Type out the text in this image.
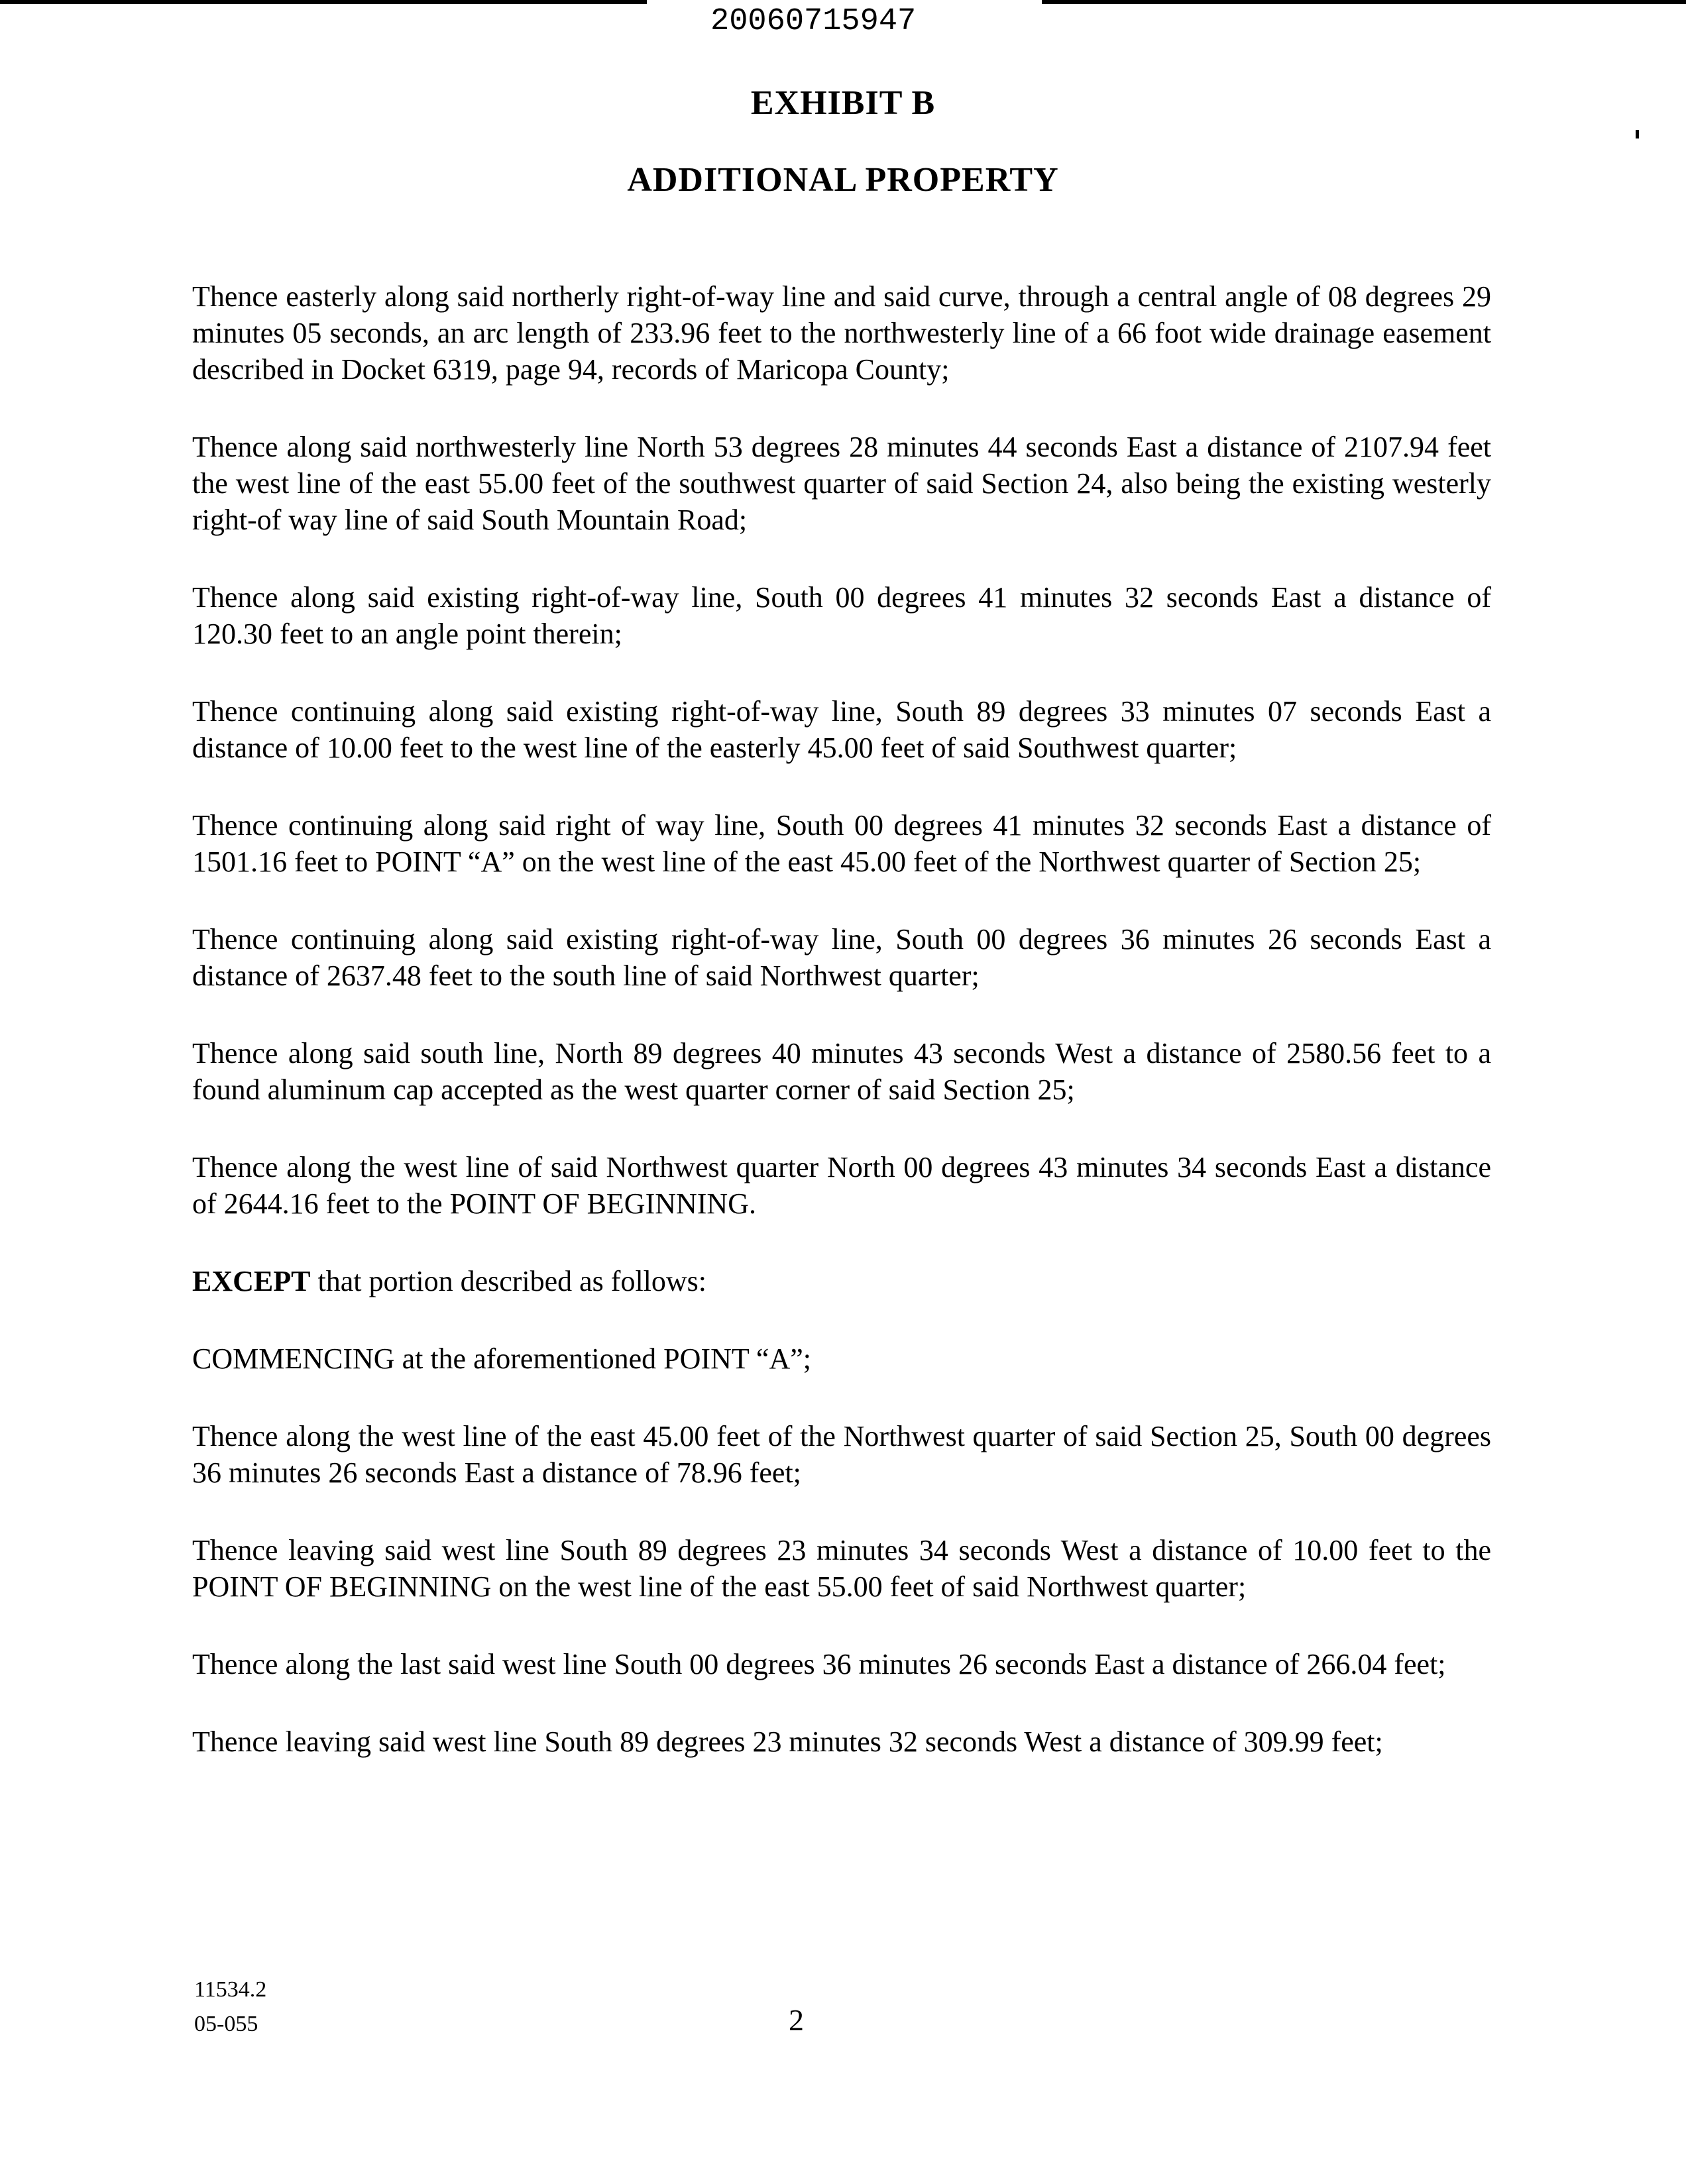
20060715947
EXHIBIT B
ADDITIONAL PROPERTY

Thence easterly along said northerly right-of-way line and said curve, through a central angle of 08 degrees 29 minutes 05 seconds, an arc length of 233.96 feet to the northwesterly line of a 66 foot wide drainage easement described in Docket 6319, page 94, records of Maricopa County;

Thence along said northwesterly line North 53 degrees 28 minutes 44 seconds East a distance of 2107.94 feet the west line of the east 55.00 feet of the southwest quarter of said Section 24, also being the existing westerly right-of way line of said South Mountain Road;

Thence along said existing right-of-way line, South 00 degrees 41 minutes 32 seconds East a distance of 120.30 feet to an angle point therein;

Thence continuing along said existing right-of-way line, South 89 degrees 33 minutes 07 seconds East a distance of 10.00 feet to the west line of the easterly 45.00 feet of said Southwest quarter;

Thence continuing along said right of way line, South 00 degrees 41 minutes 32 seconds East a distance of 1501.16 feet to POINT “A” on the west line of the east 45.00 feet of the Northwest quarter of Section 25;

Thence continuing along said existing right-of-way line, South 00 degrees 36 minutes 26 seconds East a distance of 2637.48 feet to the south line of said Northwest quarter;

Thence along said south line, North 89 degrees 40 minutes 43 seconds West a distance of 2580.56 feet to a found aluminum cap accepted as the west quarter corner of said Section 25;

Thence along the west line of said Northwest quarter North 00 degrees 43 minutes 34 seconds East a distance of 2644.16 feet to the POINT OF BEGINNING.

EXCEPT that portion described as follows:

COMMENCING at the aforementioned POINT “A”;

Thence along the west line of the east 45.00 feet of the Northwest quarter of said Section 25, South 00 degrees 36 minutes 26 seconds East a distance of 78.96 feet;

Thence leaving said west line South 89 degrees 23 minutes 34 seconds West a distance of 10.00 feet to the POINT OF BEGINNING on the west line of the east 55.00 feet of said Northwest quarter;

Thence along the last said west line South 00 degrees 36 minutes 26 seconds East a distance of 266.04 feet;

Thence leaving said west line South 89 degrees 23 minutes 32 seconds West a distance of 309.99 feet;

11534.2
05-055	2
